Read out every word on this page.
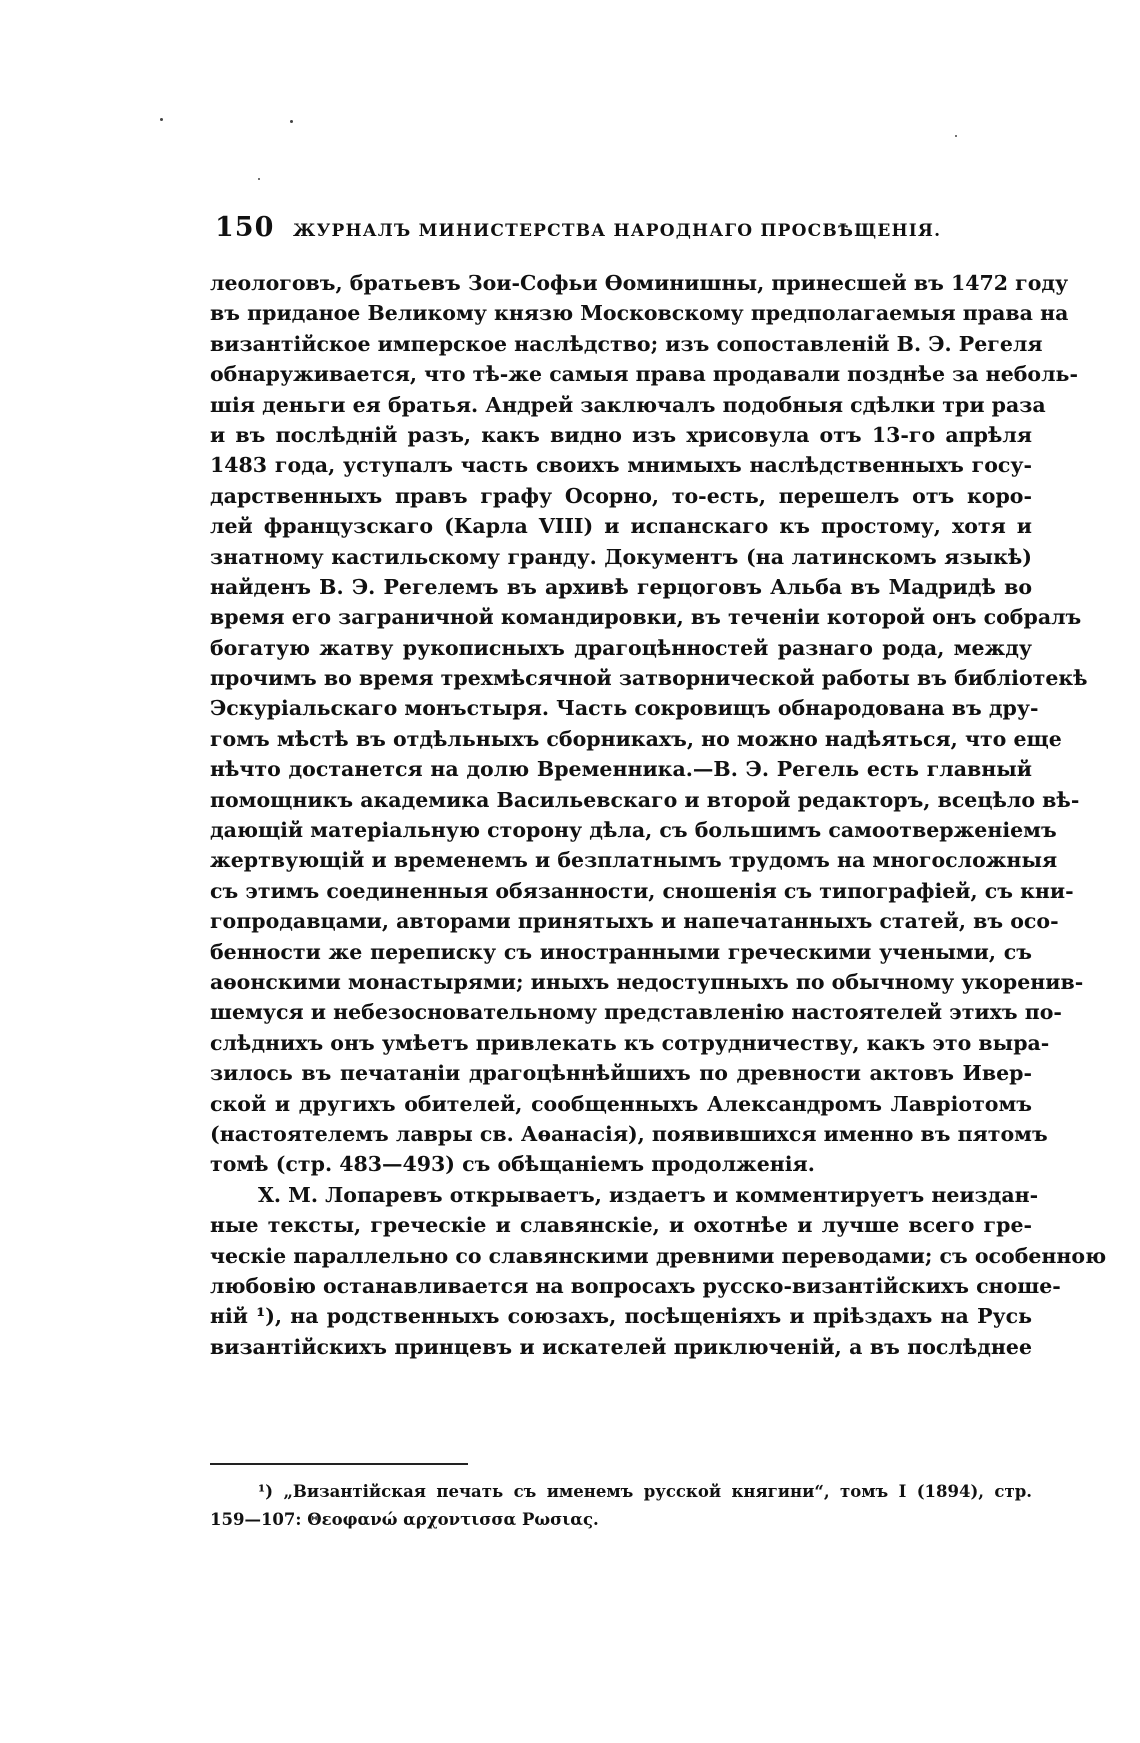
150 ЖУРНАЛЪ МИНИСТЕРСТВА НАРОДНАГО ПРОСВѢЩЕНІЯ.
леологовъ, братьевъ Зои-Софьи Ѳоминишны, принесшей въ 1472 году
въ приданое Великому князю Московскому предполагаемыя права на
византійское имперское наслѣдство; изъ сопоставленій В. Э. Регеля
обнаруживается, что тѣ-же самыя права продавали позднѣе за неболь-
шія деньги ея братья. Андрей заключалъ подобныя сдѣлки три раза
и въ послѣдній разъ, какъ видно изъ хрисовула отъ 13-го апрѣля
1483 года, уступалъ часть своихъ мнимыхъ наслѣдственныхъ госу-
дарственныхъ правъ графу Осорно, то-есть, перешелъ отъ коро-
лей французскаго (Карла VIII) и испанскаго къ простому, хотя и
знатному кастильскому гранду. Документъ (на латинскомъ языкѣ)
найденъ В. Э. Регелемъ въ архивѣ герцоговъ Альба въ Мадридѣ во
время его заграничной командировки, въ теченіи которой онъ собралъ
богатую жатву рукописныхъ драгоцѣнностей разнаго рода, между
прочимъ во время трехмѣсячной затворнической работы въ библіотекѣ
Эскуріальскаго монъстыря. Часть сокровищъ обнародована въ дру-
гомъ мѣстѣ въ отдѣльныхъ сборникахъ, но можно надѣяться, что еще
нѣчто достанется на долю Временника.—В. Э. Регель есть главный
помощникъ академика Васильевскаго и второй редакторъ, всецѣло вѣ-
дающій матеріальную сторону дѣла, съ большимъ самоотверженіемъ
жертвующій и временемъ и безплатнымъ трудомъ на многосложныя
съ этимъ соединенныя обязанности, сношенія съ типографіей, съ кни-
гопродавцами, авторами принятыхъ и напечатанныхъ статей, въ осо-
бенности же переписку съ иностранными греческими учеными, съ
аѳонскими монастырями; иныхъ недоступныхъ по обычному укоренив-
шемуся и небезосновательному представленію настоятелей этихъ по-
слѣднихъ онъ умѣетъ привлекать къ сотрудничеству, какъ это выра-
зилось въ печатаніи драгоцѣннѣйшихъ по древности актовъ Ивер-
ской и другихъ обителей, сообщенныхъ Александромъ Лавріотомъ
(настоятелемъ лавры св. Аѳанасія), появившихся именно въ пятомъ
томѣ (стр. 483—493) съ обѣщаніемъ продолженія.
Х. М. Лопаревъ открываетъ, издаетъ и комментируетъ неиздан-
ные тексты, греческіе и славянскіе, и охотнѣе и лучше всего гре-
ческіе параллельно со славянскими древними переводами; съ особенною
любовію останавливается на вопросахъ русско-византійскихъ снoше-
ній ¹), на родственныхъ союзахъ, посѣщеніяхъ и пріѣздахъ на Русь
византійскихъ принцевъ и искателей приключеній, а въ послѣднее
¹) „Византійская печать съ именемъ русской княгини“, томъ I (1894), стр.
159—107: Θεοφανώ αρχοντισσα Ρωσιας.
